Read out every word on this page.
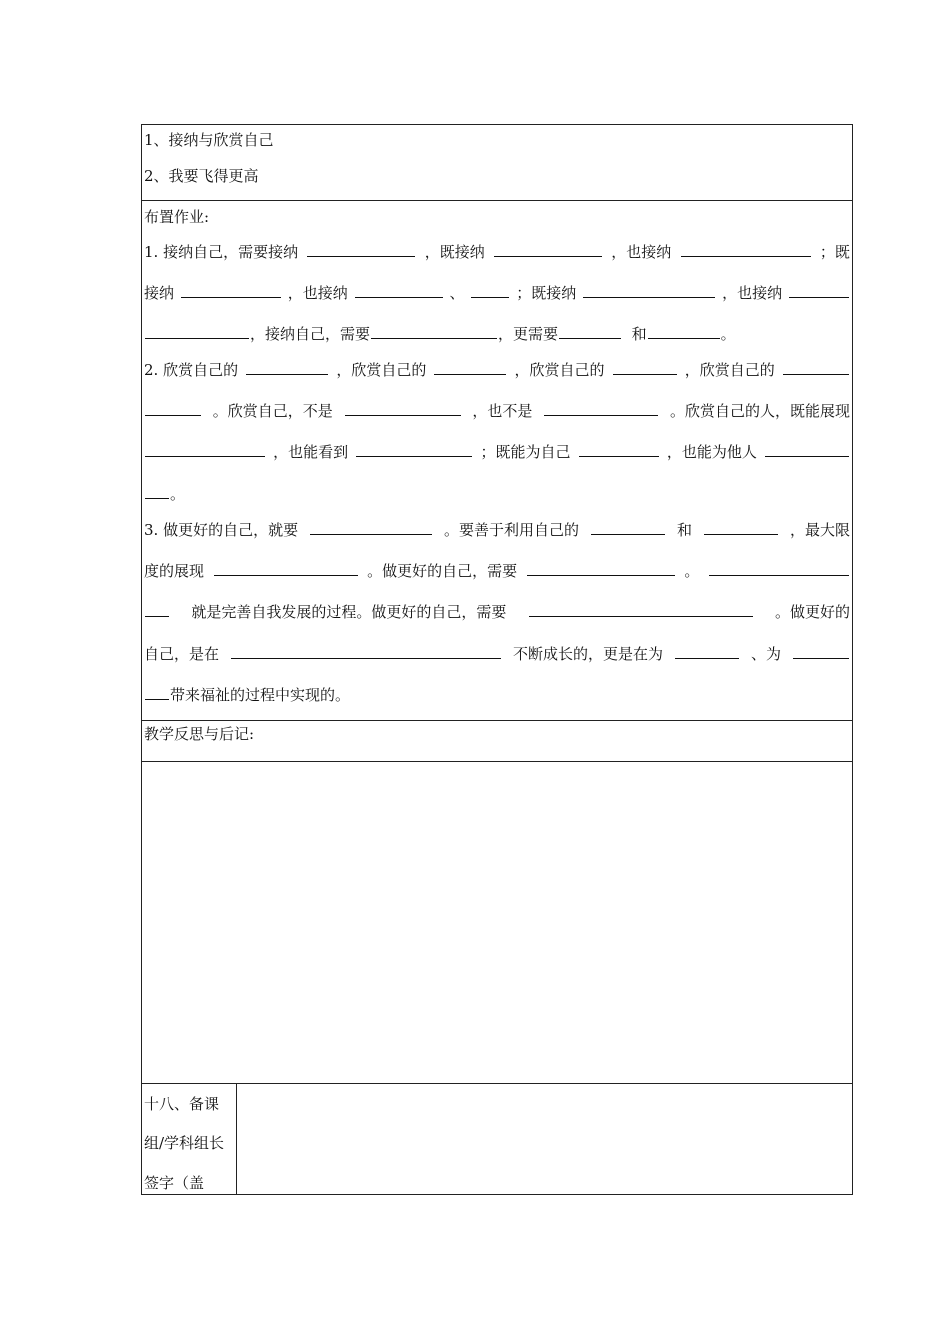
1、接纳与欣赏自己
2、我要飞得更高
布置作业:
1. 接纳自己，需要接纳	，既接纳	，也接纳	；既
接纳	，也接纳	、	；既接纳	，也接纳
，接纳自己，需要	，更需要	和	。
2. 欣赏自己的	，欣赏自己的	，欣赏自己的	，欣赏自己的
。欣赏自己，不是	，也不是	。欣赏自己的人，既能展现
，也能看到	；既能为自己	，也能为他人
。
3. 做更好的自己，就要	。要善于利用自己的	和	，最大限
度的展现	。做更好的自己，需要	。
就是完善自我发展的过程。做更好的自己，需要	。做更好的
自己，是在	不断成长的，更是在为	、为
带来福祉的过程中实现的。
教学反思与后记:
十八、备课
组/学科组长
签字（盖
